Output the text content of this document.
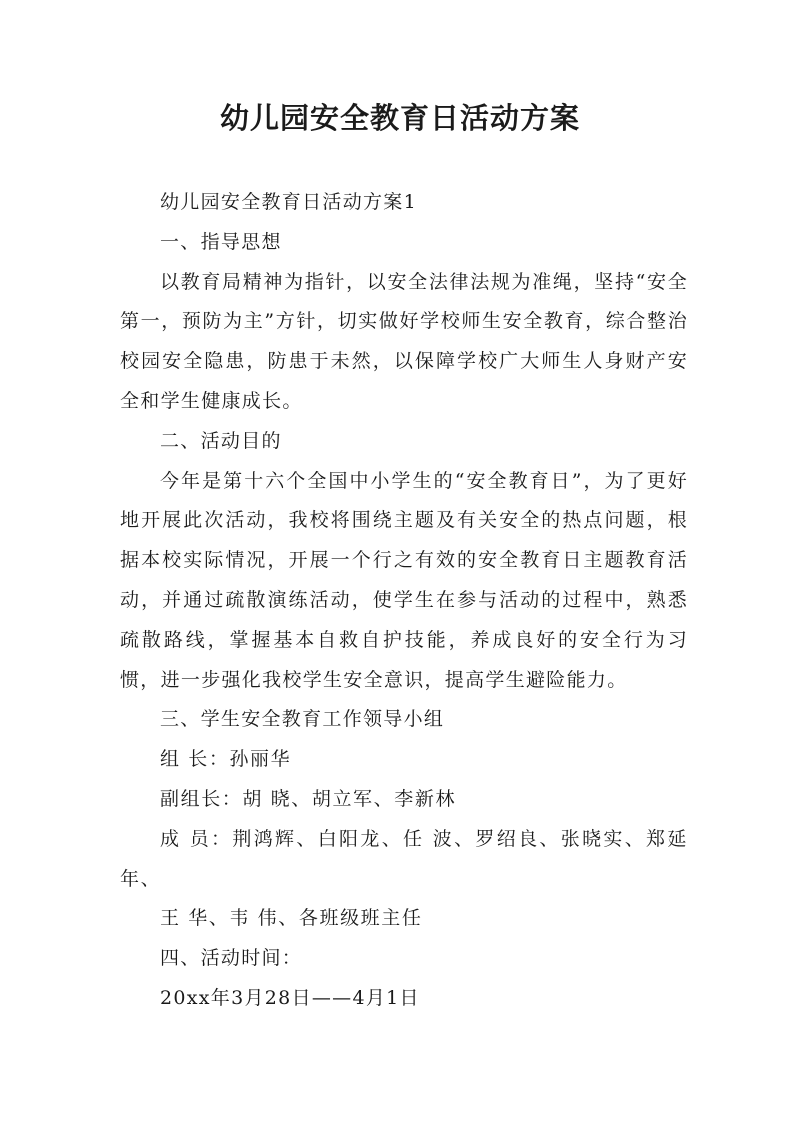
幼儿园安全教育日活动方案

幼儿园安全教育日活动方案1

一、指导思想

以教育局精神为指针，以安全法律法规为准绳，坚持“安全第一，预防为主”方针，切实做好学校师生安全教育，综合整治校园安全隐患，防患于未然，以保障学校广大师生人身财产安全和学生健康成长。

二、活动目的

今年是第十六个全国中小学生的“安全教育日”，为了更好地开展此次活动，我校将围绕主题及有关安全的热点问题，根据本校实际情况，开展一个行之有效的安全教育日主题教育活动，并通过疏散演练活动，使学生在参与活动的过程中，熟悉疏散路线，掌握基本自救自护技能，养成良好的安全行为习惯，进一步强化我校学生安全意识，提高学生避险能力。

三、学生安全教育工作领导小组

组 长：孙丽华

副组长：胡 晓、胡立军、李新林

成 员：荆鸿辉、白阳龙、任 波、罗绍良、张晓实、郑延年、

王 华、韦 伟、各班级班主任

四、活动时间：

20xx年3月28日——4月1日
